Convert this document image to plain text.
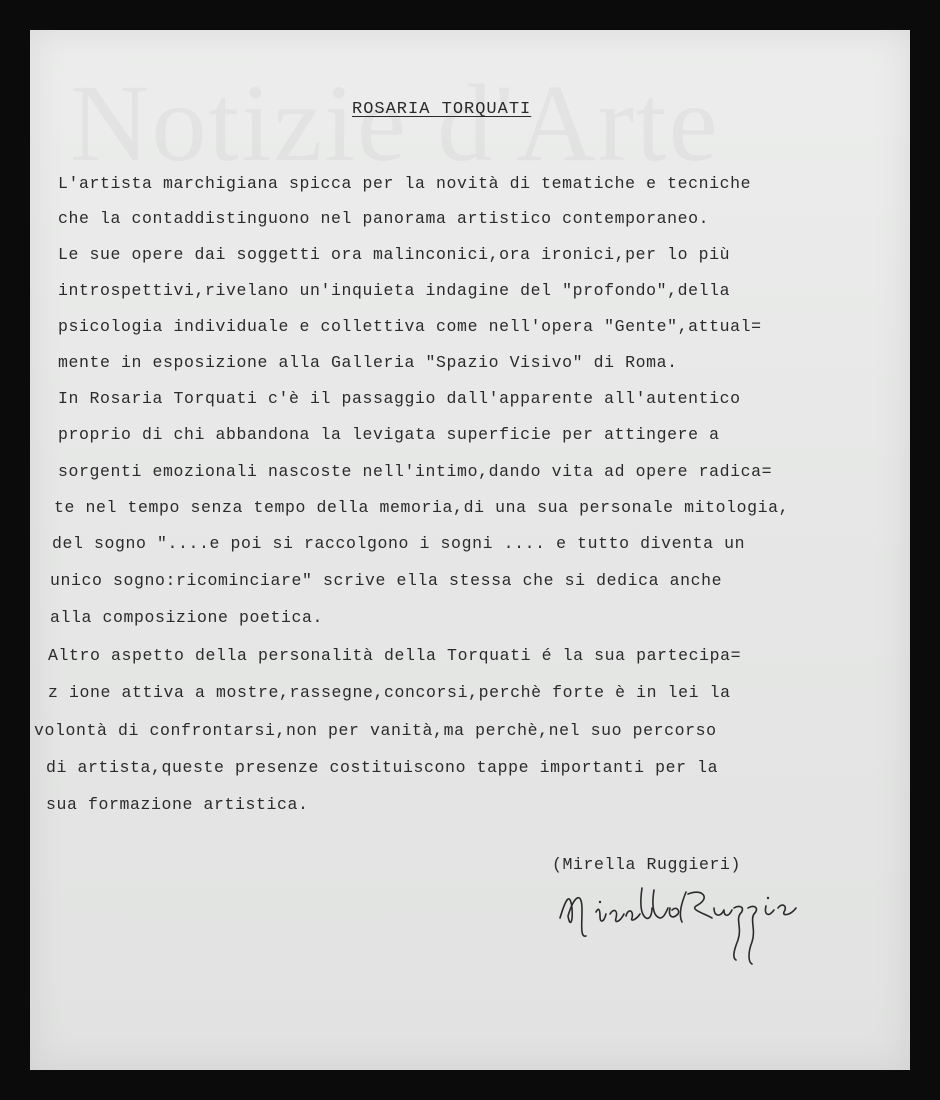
ROSARIA TORQUATI
L'artista marchigiana spicca per la novità di tematiche e tecniche
che la contaddistinguono nel panorama artistico contemporaneo.
Le sue opere dai soggetti ora malinconici,ora ironici,per lo più
introspettivi,rivelano un'inquieta indagine del "profondo",della
psicologia individuale e collettiva come nell'opera "Gente",attual=
mente in esposizione alla Galleria "Spazio Visivo" di Roma.
In Rosaria Torquati c'è il passaggio dall'apparente all'autentico
proprio di chi abbandona la levigata superficie per attingere a
sorgenti emozionali nascoste nell'intimo,dando vita ad opere radica=
te nel tempo senza tempo della memoria,di una sua personale mitologia,
del sogno "....e poi si raccolgono i sogni .... e tutto diventa un
unico sogno:ricominciare" scrive ella stessa che si dedica anche
alla composizione poetica.
Altro aspetto della personalità della Torquati é la sua partecipa=
z ione attiva a mostre,rassegne,concorsi,perchè forte è in lei la
volontà di confrontarsi,non per vanità,ma perchè,nel suo percorso
di artista,queste presenze costituiscono tappe importanti per la
sua formazione artistica.
(Mirella Ruggieri)
